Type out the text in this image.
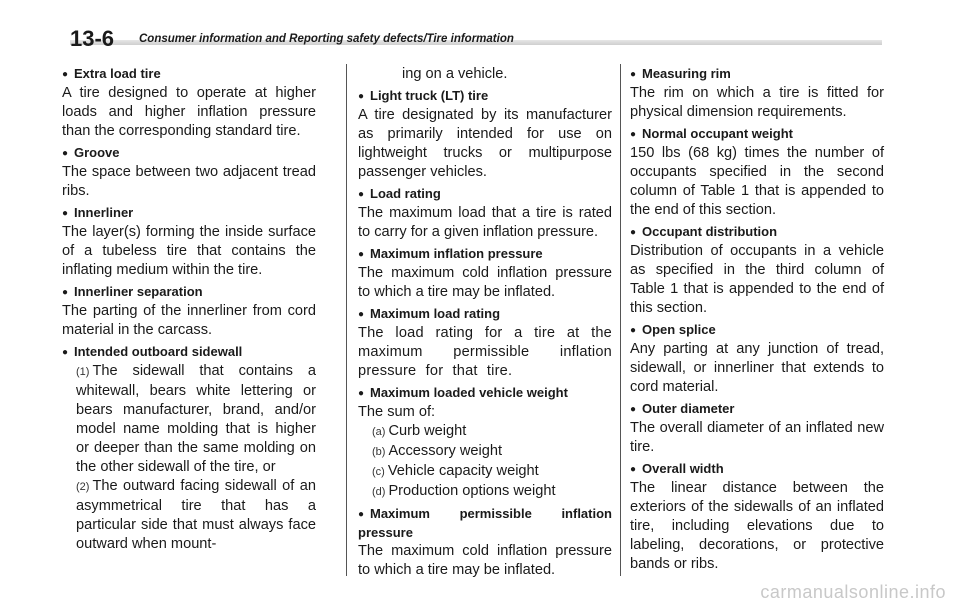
13-6 Consumer information and Reporting safety defects/Tire information
● Extra load tire
A tire designed to operate at higher loads and higher inflation pressure than the corresponding standard tire.
● Groove
The space between two adjacent tread ribs.
● Innerliner
The layer(s) forming the inside surface of a tubeless tire that contains the inflating medium within the tire.
● Innerliner separation
The parting of the innerliner from cord material in the carcass.
● Intended outboard sidewall
(1) The sidewall that contains a whitewall, bears white lettering or bears manufacturer, brand, and/or model name molding that is higher or deeper than the same molding on the other sidewall of the tire, or
(2) The outward facing sidewall of an asymmetrical tire that has a particular side that must always face outward when mount-
ing on a vehicle.
● Light truck (LT) tire
A tire designated by its manufacturer as primarily intended for use on lightweight trucks or multipurpose passenger vehicles.
● Load rating
The maximum load that a tire is rated to carry for a given inflation pressure.
● Maximum inflation pressure
The maximum cold inflation pressure to which a tire may be inflated.
● Maximum load rating
The load rating for a tire at the maximum permissible inflation pressure for that tire.
● Maximum loaded vehicle weight
The sum of:
(a) Curb weight
(b) Accessory weight
(c) Vehicle capacity weight
(d) Production options weight
● Maximum permissible inflation pressure
The maximum cold inflation pressure to which a tire may be inflated.
● Measuring rim
The rim on which a tire is fitted for physical dimension requirements.
● Normal occupant weight
150 lbs (68 kg) times the number of occupants specified in the second column of Table 1 that is appended to the end of this section.
● Occupant distribution
Distribution of occupants in a vehicle as specified in the third column of Table 1 that is appended to the end of this section.
● Open splice
Any parting at any junction of tread, sidewall, or innerliner that extends to cord material.
● Outer diameter
The overall diameter of an inflated new tire.
● Overall width
The linear distance between the exteriors of the sidewalls of an inflated tire, including elevations due to labeling, decorations, or protective bands or ribs.
carmanualsonline.info
